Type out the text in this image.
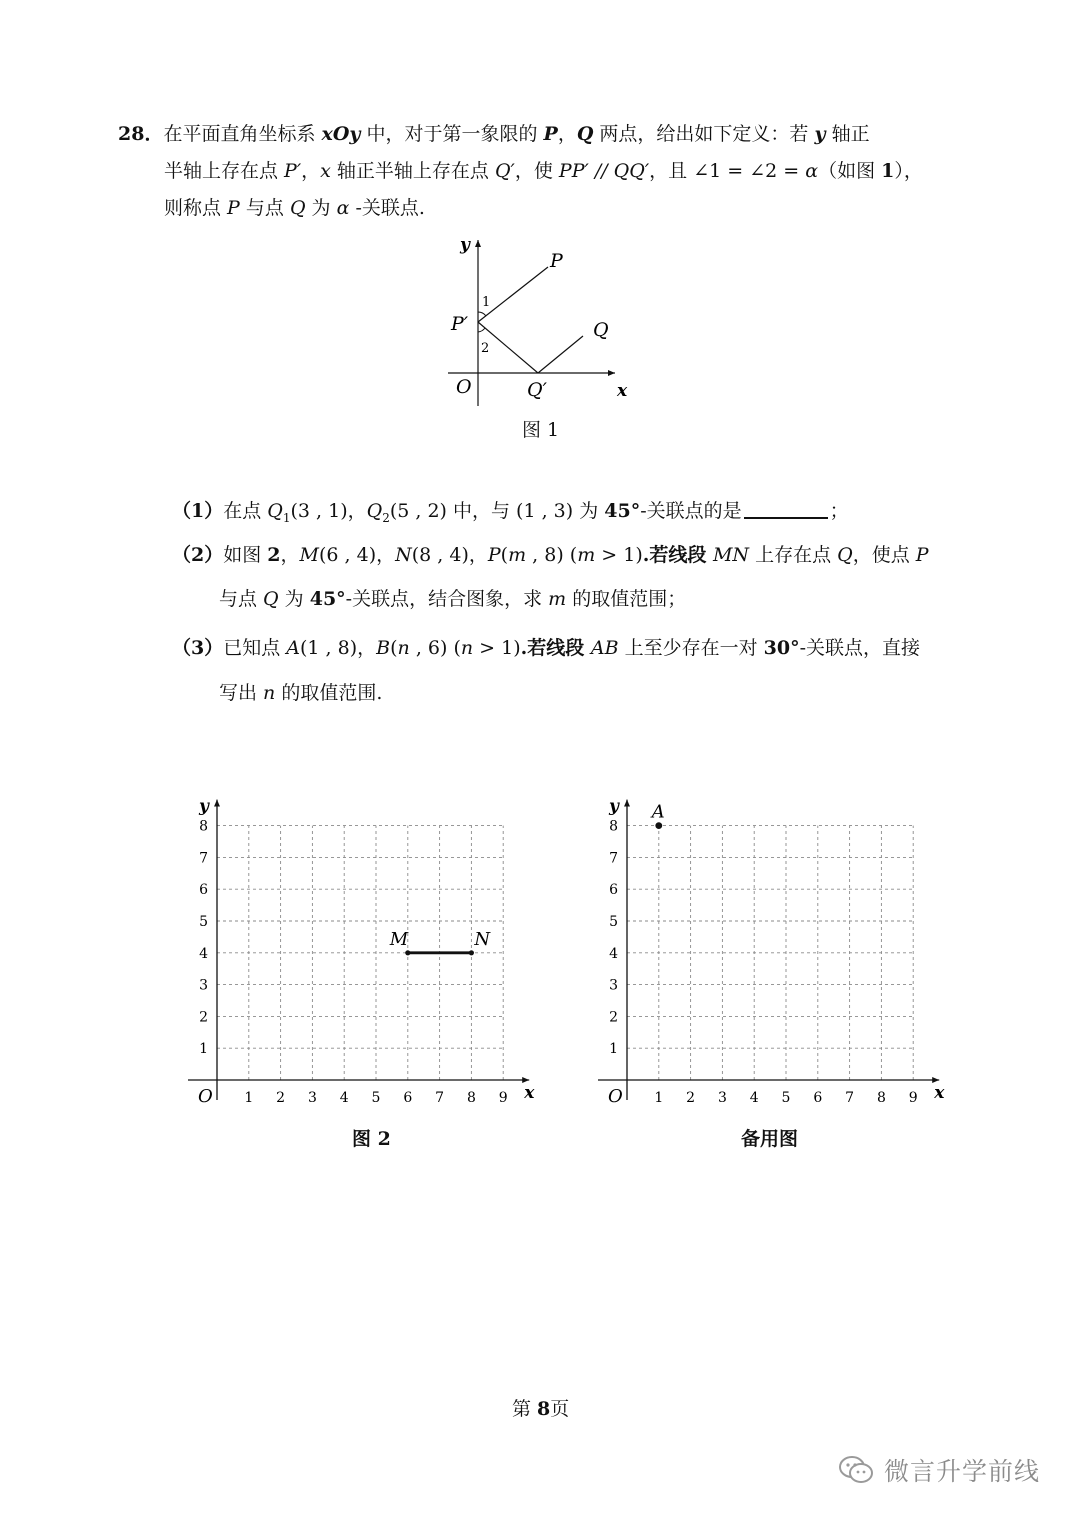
28．在平面直角坐标系 xOy 中，对于第一象限的 P，Q 两点，给出如下定义：若 y 轴正
半轴上存在点 P′，x 轴正半轴上存在点 Q′，使 PP′ // QQ′，且 ∠1 = ∠2 = α（如图 1），
则称点 P 与点 Q 为 α -关联点.
y
P
1
P′
2
Q
O	Q′	x
图 1
（1）在点 $Q_1(3$ , 1)，$Q_2(5$ , 2) 中，与 (1 , 3) 为 45°-关联点的是	；
（2）如图 2，M(6 , 4)，N(8 , 4)，P(m , 8) (m > 1).若线段 MN 上存在点 Q，使点 P
与点 Q 为 45°-关联点，结合图象，求 m 的取值范围；
（3）已知点 A(1 , 8)，B(n , 6) (n > 1).若线段 AB 上至少存在一对 30°-关联点，直接
写出 n 的取值范围.
1 2 3 4 5 6 7 8 9
1
2
3
4
5
6
7
8
O	x
y
M	N
图 2
1 2 3 4 5 6 7 8 9
1
2
3
4
5
6
7
8
O	x
y A
备用图
第 8页
微言升学前线
